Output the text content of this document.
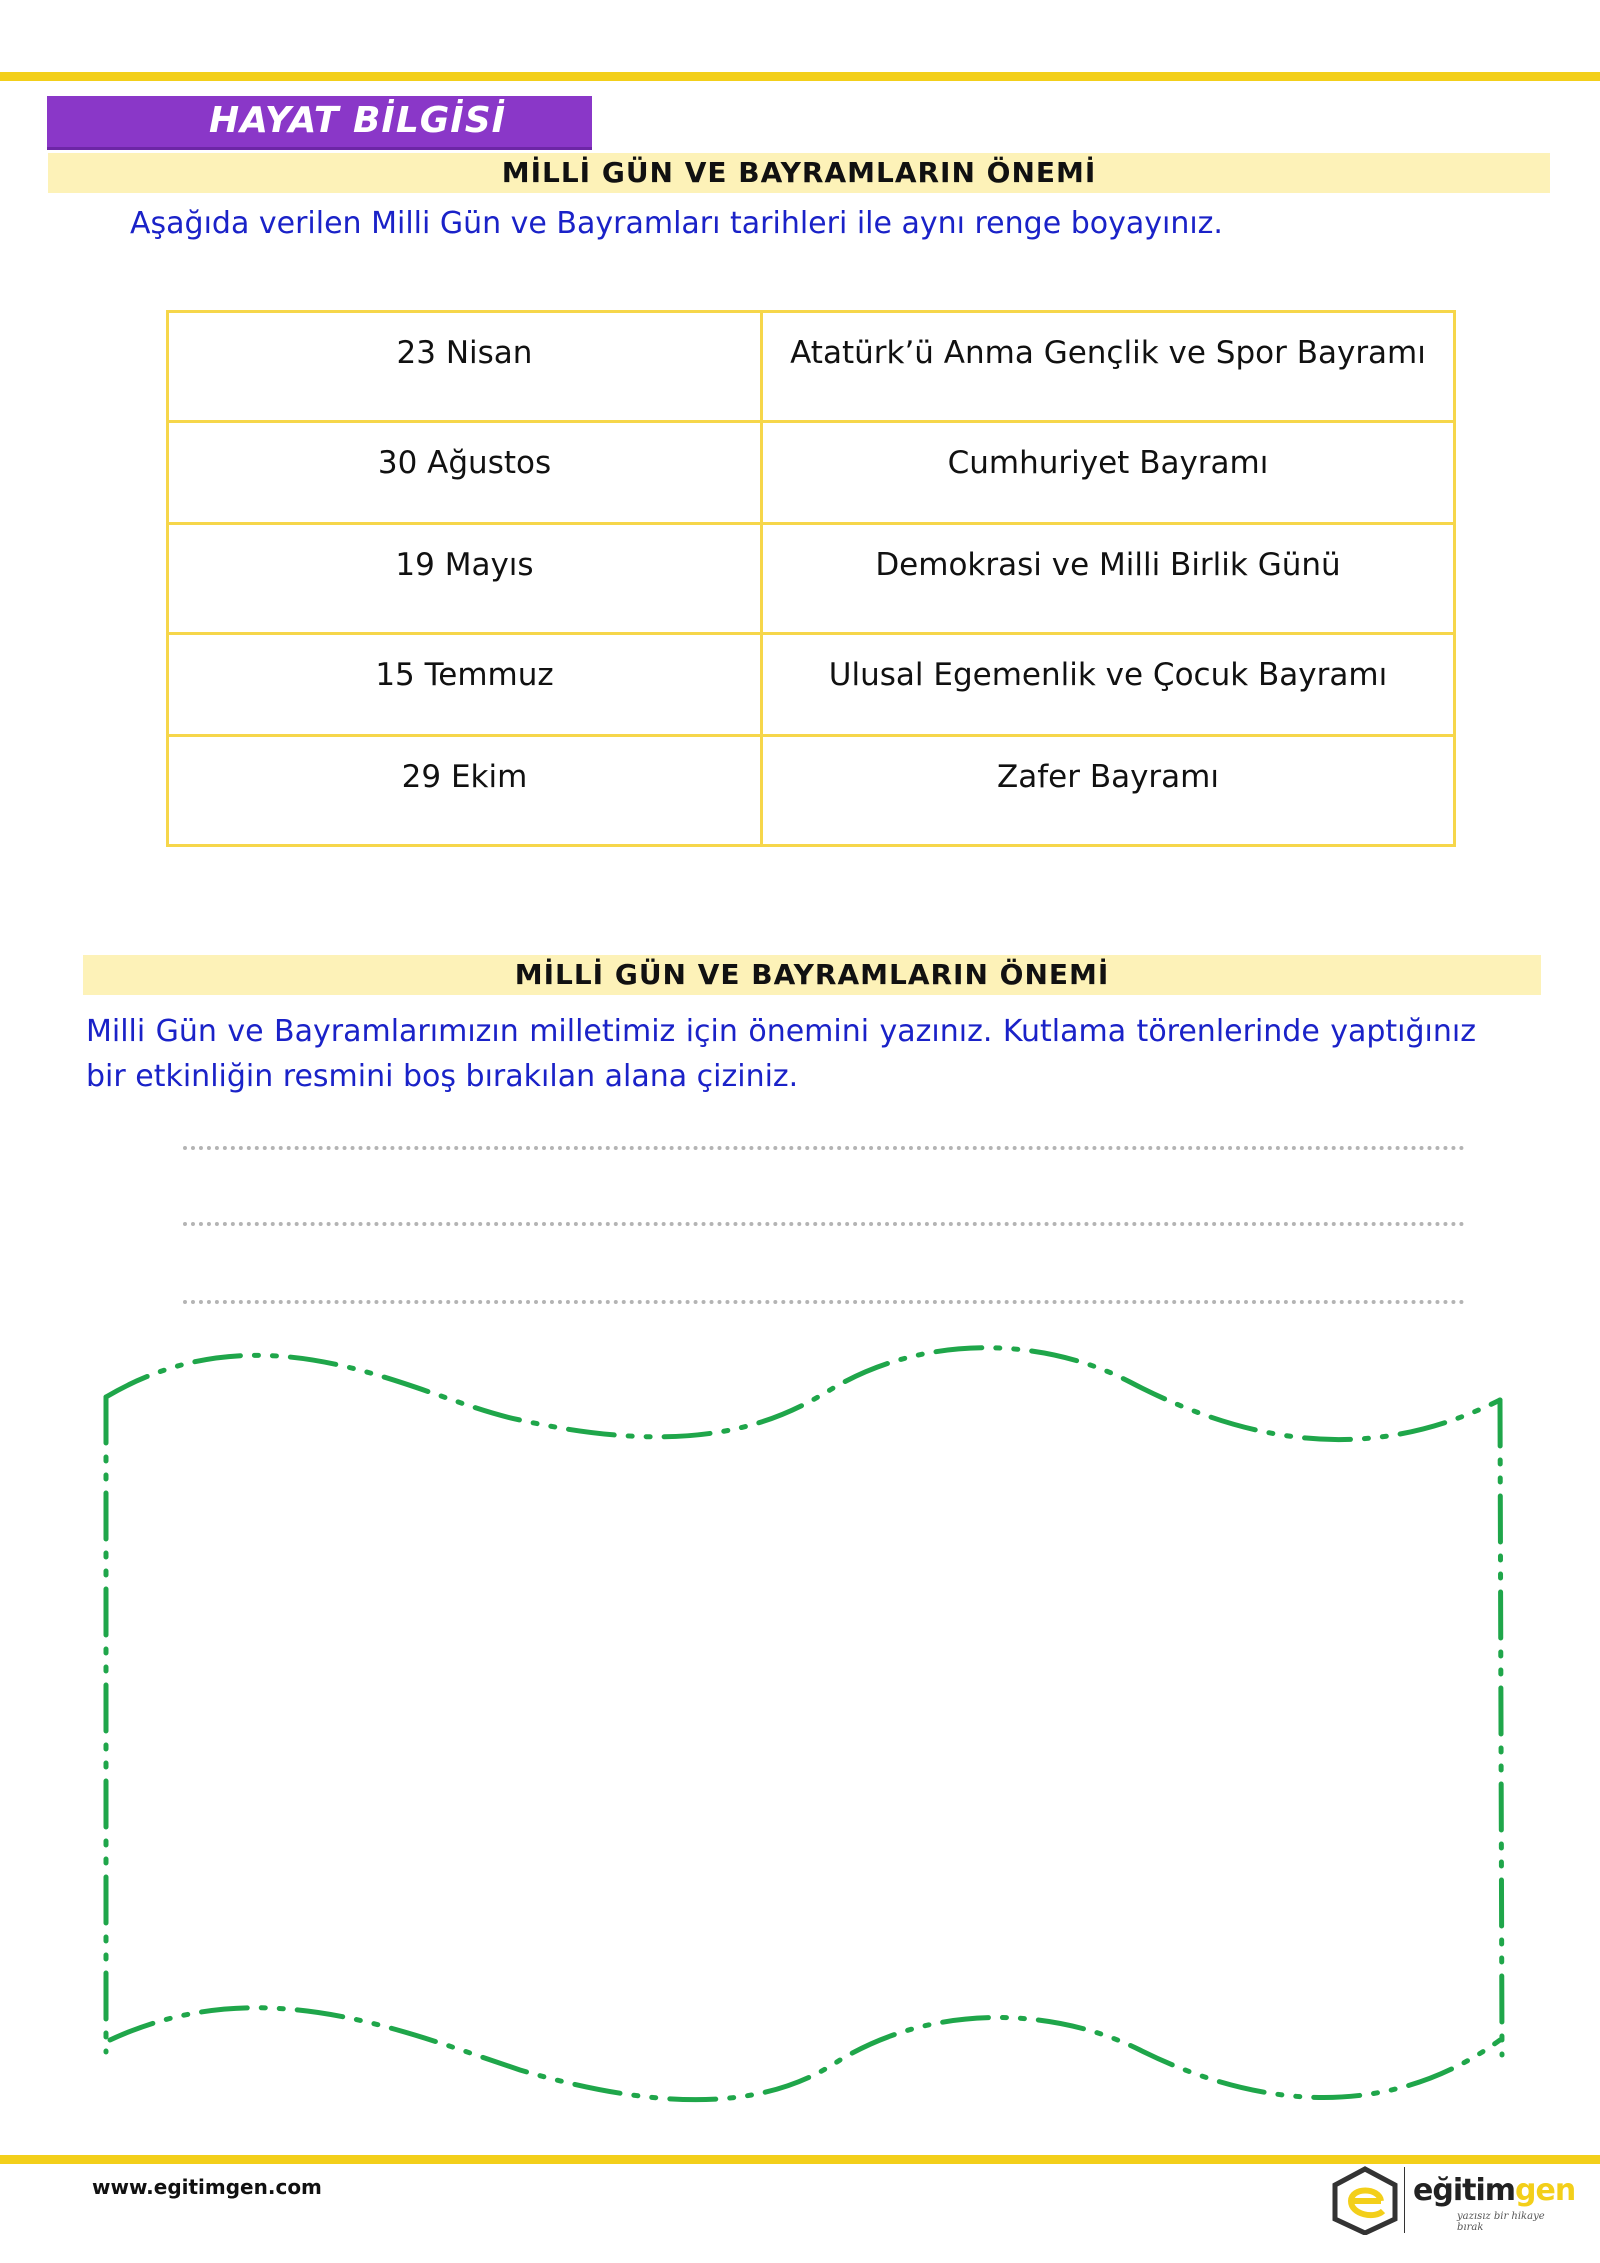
HAYAT BİLGİSİ
MİLLİ GÜN VE BAYRAMLARIN ÖNEMİ
Aşağıda verilen Milli Gün ve Bayramları tarihleri ile aynı renge boyayınız.
23 Nisan	Atatürk’ü Anma Gençlik ve Spor Bayramı
30 Ağustos	Cumhuriyet Bayramı
19 Mayıs	Demokrasi ve Milli Birlik Günü
15 Temmuz	Ulusal Egemenlik ve Çocuk Bayramı
29 Ekim	Zafer Bayramı
MİLLİ GÜN VE BAYRAMLARIN ÖNEMİ
Milli Gün ve Bayramlarımızın milletimiz için önemini yazınız. Kutlama törenlerinde yaptığınız bir etkinliğin resmini boş bırakılan alana çiziniz.
www.egitimgen.com	eğitimgen
yazısız bir hikaye bırak
